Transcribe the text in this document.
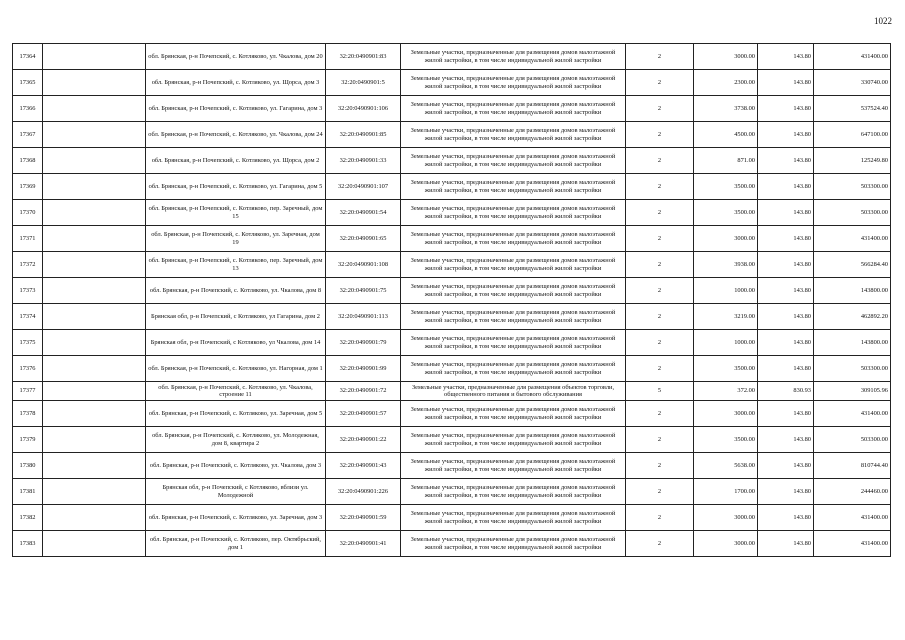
1022
17364		обл. Брянская, р-н Почепский, с. Котляково, ул. Чкалова, дом 20	32:20:0490901:83	Земельные участки, предназначенные для размещения домов малоэтажной жилой застройки, в том числе индивидуальной жилой застройки	2	3000.00	143.80	431400.00
17365		обл. Брянская, р-н Почепский, с. Котляково, ул. Щорса, дом 3	32:20:0490901:5	Земельные участки, предназначенные для размещения домов малоэтажной жилой застройки, в том числе индивидуальной жилой застройки	2	2300.00	143.80	330740.00
17366		обл. Брянская, р-н Почепский, с. Котляково, ул. Гагарина, дом 3	32:20:0490901:106	Земельные участки, предназначенные для размещения домов малоэтажной жилой застройки, в том числе индивидуальной жилой застройки	2	3738.00	143.80	537524.40
17367		обл. Брянская, р-н Почепский, с. Котляково, ул. Чкалова, дом 24	32:20:0490901:85	Земельные участки, предназначенные для размещения домов малоэтажной жилой застройки, в том числе индивидуальной жилой застройки	2	4500.00	143.80	647100.00
17368		обл. Брянская, р-н Почепский, с. Котляково, ул. Щорса, дом 2	32:20:0490901:33	Земельные участки, предназначенные для размещения домов малоэтажной жилой застройки, в том числе индивидуальной жилой застройки	2	871.00	143.80	125249.80
17369		обл. Брянская, р-н Почепский, с. Котляково, ул. Гагарина, дом 5	32:20:0490901:107	Земельные участки, предназначенные для размещения домов малоэтажной жилой застройки, в том числе индивидуальной жилой застройки	2	3500.00	143.80	503300.00
17370		обл. Брянская, р-н Почепский, с. Котляково, пер. Заречный, дом 15	32:20:0490901:54	Земельные участки, предназначенные для размещения домов малоэтажной жилой застройки, в том числе индивидуальной жилой застройки	2	3500.00	143.80	503300.00
17371		обл. Брянская, р-н Почепский, с. Котляково, ул. Заречная, дом 19	32:20:0490901:65	Земельные участки, предназначенные для размещения домов малоэтажной жилой застройки, в том числе индивидуальной жилой застройки	2	3000.00	143.80	431400.00
17372		обл. Брянская, р-н Почепский, с. Котляково, пер. Заречный, дом 13	32:20:0490901:108	Земельные участки, предназначенные для размещения домов малоэтажной жилой застройки, в том числе индивидуальной жилой застройки	2	3938.00	143.80	566284.40
17373		обл. Брянская, р-н Почепский, с. Котляково, ул. Чкалова, дом 8	32:20:0490901:75	Земельные участки, предназначенные для размещения домов малоэтажной жилой застройки, в том числе индивидуальной жилой застройки	2	1000.00	143.80	143800.00
17374		Брянская обл, р-н Почепский, с Котляково, ул Гагарина, дом 2	32:20:0490901:113	Земельные участки, предназначенные для размещения домов малоэтажной жилой застройки, в том числе индивидуальной жилой застройки	2	3219.00	143.80	462892.20
17375		Брянская обл, р-н Почепский, с Котляково, ул Чкалова, дом 14	32:20:0490901:79	Земельные участки, предназначенные для размещения домов малоэтажной жилой застройки, в том числе индивидуальной жилой застройки	2	1000.00	143.80	143800.00
17376		обл. Брянская, р-н Почепский, с. Котляково, ул. Нагорная, дом 1	32:20:0490901:99	Земельные участки, предназначенные для размещения домов малоэтажной жилой застройки, в том числе индивидуальной жилой застройки	2	3500.00	143.80	503300.00
17377		обл. Брянская, р-н Почепский, с. Котляково, ул. Чкалова, строение 11	32:20:0490901:72	Земельные участки, предназначенные для размещения объектов торговли, общественного питания и бытового обслуживания	5	372.00	830.93	309105.96
17378		обл. Брянская, р-н Почепский, с. Котляково, ул. Заречная, дом 5	32:20:0490901:57	Земельные участки, предназначенные для размещения домов малоэтажной жилой застройки, в том числе индивидуальной жилой застройки	2	3000.00	143.80	431400.00
17379		обл. Брянская, р-н Почепский, с. Котляково, ул. Молодежная, дом 8, квартира 2	32:20:0490901:22	Земельные участки, предназначенные для размещения домов малоэтажной жилой застройки, в том числе индивидуальной жилой застройки	2	3500.00	143.80	503300.00
17380		обл. Брянская, р-н Почепский, с. Котляково, ул. Чкалова, дом 3	32:20:0490901:43	Земельные участки, предназначенные для размещения домов малоэтажной жилой застройки, в том числе индивидуальной жилой застройки	2	5638.00	143.80	810744.40
17381		Брянская обл, р-н Почепский, с Котляково, вблизи ул. Молодежной	32:20:0490901:226	Земельные участки, предназначенные для размещения домов малоэтажной жилой застройки, в том числе индивидуальной жилой застройки	2	1700.00	143.80	244460.00
17382		обл. Брянская, р-н Почепский, с. Котляково, ул. Заречная, дом 3	32:20:0490901:59	Земельные участки, предназначенные для размещения домов малоэтажной жилой застройки, в том числе индивидуальной жилой застройки	2	3000.00	143.80	431400.00
17383		обл. Брянская, р-н Почепский, с. Котляково, пер. Октябрьский, дом 1	32:20:0490901:41	Земельные участки, предназначенные для размещения домов малоэтажной жилой застройки, в том числе индивидуальной жилой застройки	2	3000.00	143.80	431400.00
